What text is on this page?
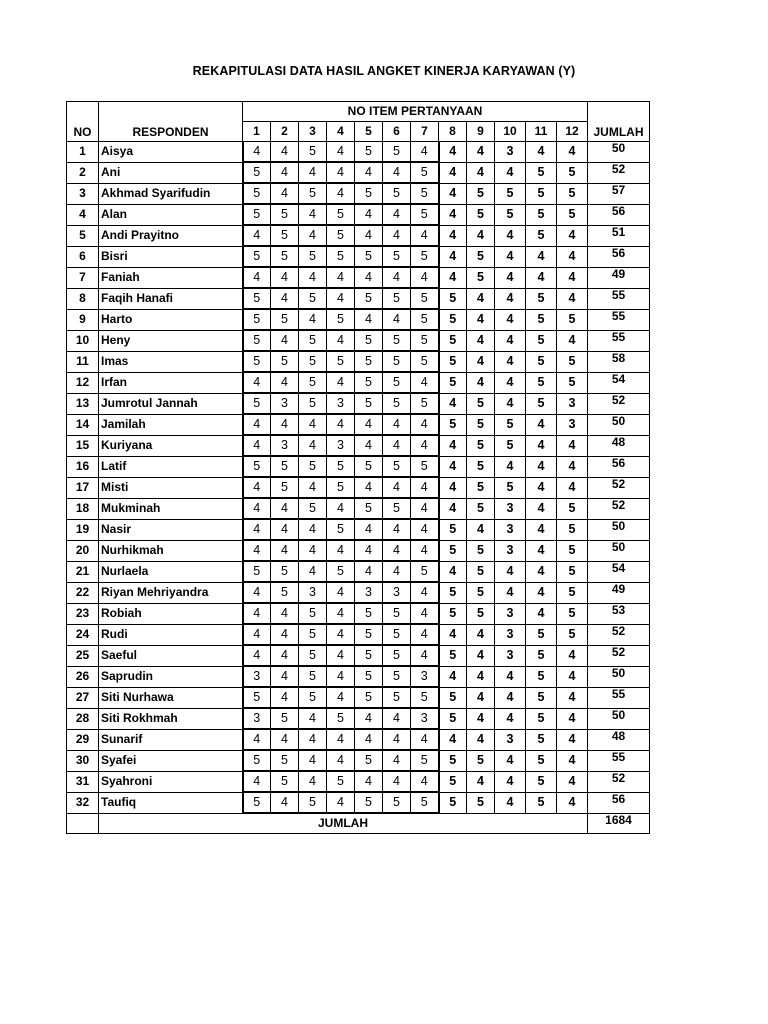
REKAPITULASI DATA HASIL ANGKET KINERJA KARYAWAN (Y)
NO	RESPONDEN	NO ITEM PERTANYAAN												JUMLAH
		1	2	3	4	5	6	7	8	9	10	11	12	
1	Aisya	4	4	5	4	5	5	4	4	4	3	4	4	50
2	Ani	5	4	4	4	4	4	5	4	4	4	5	5	52
3	Akhmad Syarifudin	5	4	5	4	5	5	5	4	5	5	5	5	57
4	Alan	5	5	4	5	4	4	5	4	5	5	5	5	56
5	Andi Prayitno	4	5	4	5	4	4	4	4	4	4	5	4	51
6	Bisri	5	5	5	5	5	5	5	4	5	4	4	4	56
7	Faniah	4	4	4	4	4	4	4	4	5	4	4	4	49
8	Faqih Hanafi	5	4	5	4	5	5	5	5	4	4	5	4	55
9	Harto	5	5	4	5	4	4	5	5	4	4	5	5	55
10	Heny	5	4	5	4	5	5	5	5	4	4	5	4	55
11	Imas	5	5	5	5	5	5	5	5	4	4	5	5	58
12	Irfan	4	4	5	4	5	5	4	5	4	4	5	5	54
13	Jumrotul Jannah	5	3	5	3	5	5	5	4	5	4	5	3	52
14	Jamilah	4	4	4	4	4	4	4	5	5	5	4	3	50
15	Kuriyana	4	3	4	3	4	4	4	4	5	5	4	4	48
16	Latif	5	5	5	5	5	5	5	4	5	4	4	4	56
17	Misti	4	5	4	5	4	4	4	4	5	5	4	4	52
18	Mukminah	4	4	5	4	5	5	4	4	5	3	4	5	52
19	Nasir	4	4	4	5	4	4	4	5	4	3	4	5	50
20	Nurhikmah	4	4	4	4	4	4	4	5	5	3	4	5	50
21	Nurlaela	5	5	4	5	4	4	5	4	5	4	4	5	54
22	Riyan Mehriyandra	4	5	3	4	3	3	4	5	5	4	4	5	49
23	Robiah	4	4	5	4	5	5	4	5	5	3	4	5	53
24	Rudi	4	4	5	4	5	5	4	4	4	3	5	5	52
25	Saeful	4	4	5	4	5	5	4	5	4	3	5	4	52
26	Saprudin	3	4	5	4	5	5	3	4	4	4	5	4	50
27	Siti Nurhawa	5	4	5	4	5	5	5	5	4	4	5	4	55
28	Siti Rokhmah	3	5	4	5	4	4	3	5	4	4	5	4	50
29	Sunarif	4	4	4	4	4	4	4	4	4	3	5	4	48
30	Syafei	5	5	4	4	5	4	5	5	5	4	5	4	55
31	Syahroni	4	5	4	5	4	4	4	5	4	4	5	4	52
32	Taufiq	5	4	5	4	5	5	5	5	5	4	5	4	56
	JUMLAH													1684
